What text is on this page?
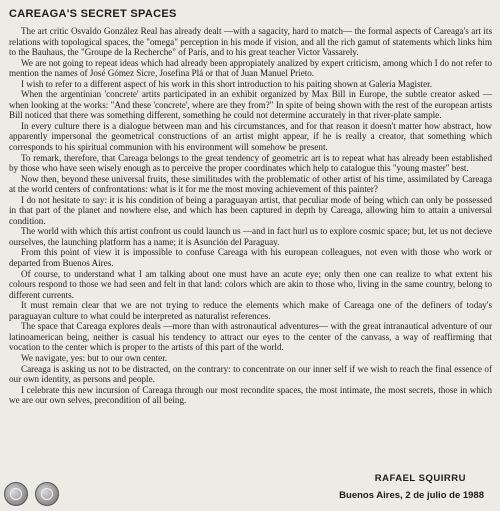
CAREAGA'S SECRET SPACES

The art critic Osvaldo González Real has already dealt —with a sagacity, hard to match— the formal aspects of Careaga's art its relations with topological spaces, the "omega" perception in his mode if vision, and all the rich gamut of statements which links him to the Bauhaus, the "Groupe de la Recherche" of París, and to his great teacher Victor Vassarely.

We are not going to repeat ideas which had already been appropiately analized by expert criticism, among which I do not refer to mention the names of José Gómez Sicre, Josefina Plá or that of Juan Manuel Prieto.

I wish to refer to a different aspect of his work in this short introduction to his paiting shown at Galería Magister.

When the argentinian 'concrete' artits participated in an exhibit organized by Max Bill in Europe, the subtle creator asked —when looking at the works: "And these 'concrete', where are they from?" In spite of being shown with the rest of the european artists Bill noticed that there was something different, something he could not determine accurately in that river-plate sample.

In every culture there is a dialogue between man and his circumstances, and for that reason it doesn't matter how abstract, how apparently impersonal the geometrical constructions of an artist might appear, if he is really a creator, that something which corresponds to his spiritual communion with his environment will somehow be present.

To remark, therefore, that Careaga belongs to the great tendency of geometric art is to repeat what has already been established by those who have seen wisely enough as to perceive the proper coordinates which help to catalogue this "young master" best.

Now then, beyond these universal fruits, these similitudes with the problematic of other artist of his time, assimilated by Careaga at the world centers of confrontations: what is it for me the most moving achievement of this painter?

I do not hesitate to say: it is his condition of being a paraguayan artist, that peculiar mode of being which can only be possessed in that part of the planet and nowhere else, and which has been captured in depth by Careaga, allowing him to attain a universal condition.

The world with which this artist confront us could launch us —and in fact hurl us to explore cosmic space; but, let us not decieve ourselves, the launching platform has a name; it is Asunción del Paraguay.

From this point of view it is impossible to confuse Careaga with his european colleagues, not even with those who work or departed from Buenos Aires.

Of course, to understand what I am talking about one must have an acute eye; only then one can realize to what extent his colours respond to those we had seen and felt in that land: colors which are akin to those who, living in the same country, belong to different currents.

It must remain clear that we are not trying to reduce the elements which make of Careaga one of the definers of today's paraguayan culture to what could be interpreted as naturalist references.

The space that Careaga explores deals —more than with astronautical adventures— with the great intranautical adventure of our latinoamerican being, neither is casual his tendency to attract our eyes to the center of the canvass, a way of reaffirming that vocation to the center which is proper to the artists of this part of the world.

We navigate, yes: but to our own center.

Careaga is asking us not to be distracted, on the contrary: to concentrate on our inner self if we wish to reach the final essence of our own identity, as persons and people.

I celebrate this new incursion of Careaga through our most recondite spaces, the most intimate, the most secrets, those in which we are our own selves, precondition of all being.

RAFAEL SQUIRRU
Buenos Aires, 2 de julio de 1988
